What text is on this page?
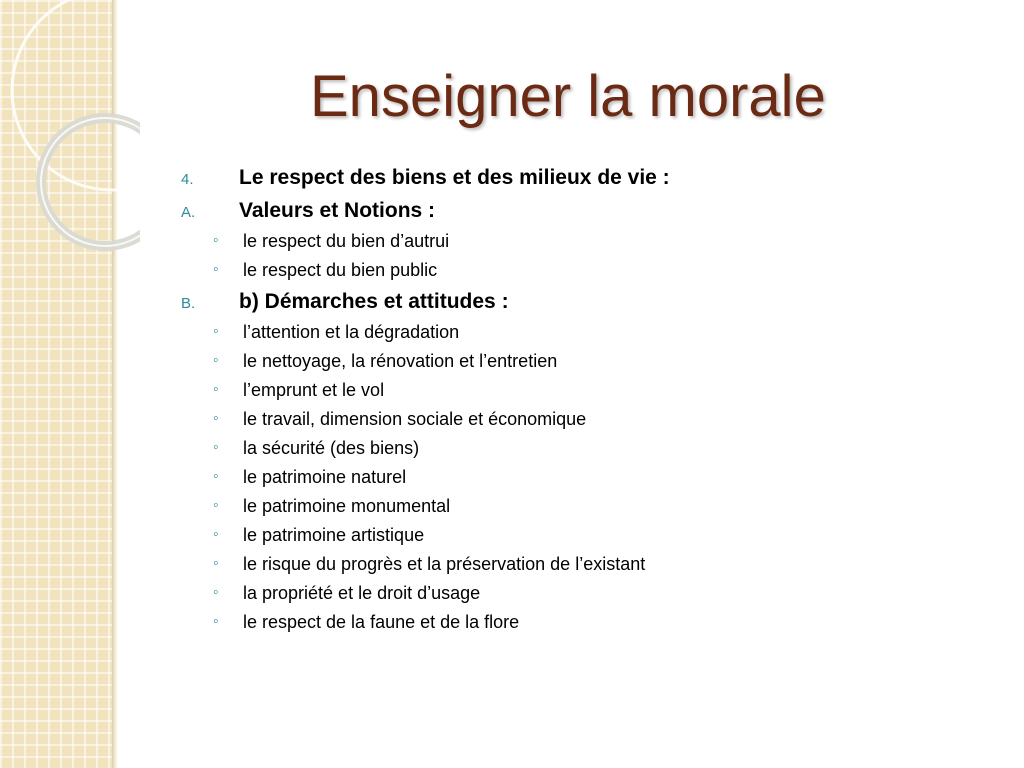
Enseigner la morale
4. Le respect des biens et des milieux de vie :
A. Valeurs et Notions :
◦ le respect du bien d’autrui
◦ le respect du bien public
B. b) Démarches et attitudes :
◦ l’attention et la dégradation
◦ le nettoyage, la rénovation et l’entretien
◦ l’emprunt et le vol
◦ le travail, dimension sociale et économique
◦ la sécurité (des biens)
◦ le patrimoine naturel
◦ le patrimoine monumental
◦ le patrimoine artistique
◦ le risque du progrès et la préservation de l’existant
◦ la propriété et le droit d’usage
◦ le respect de la faune et de la flore
